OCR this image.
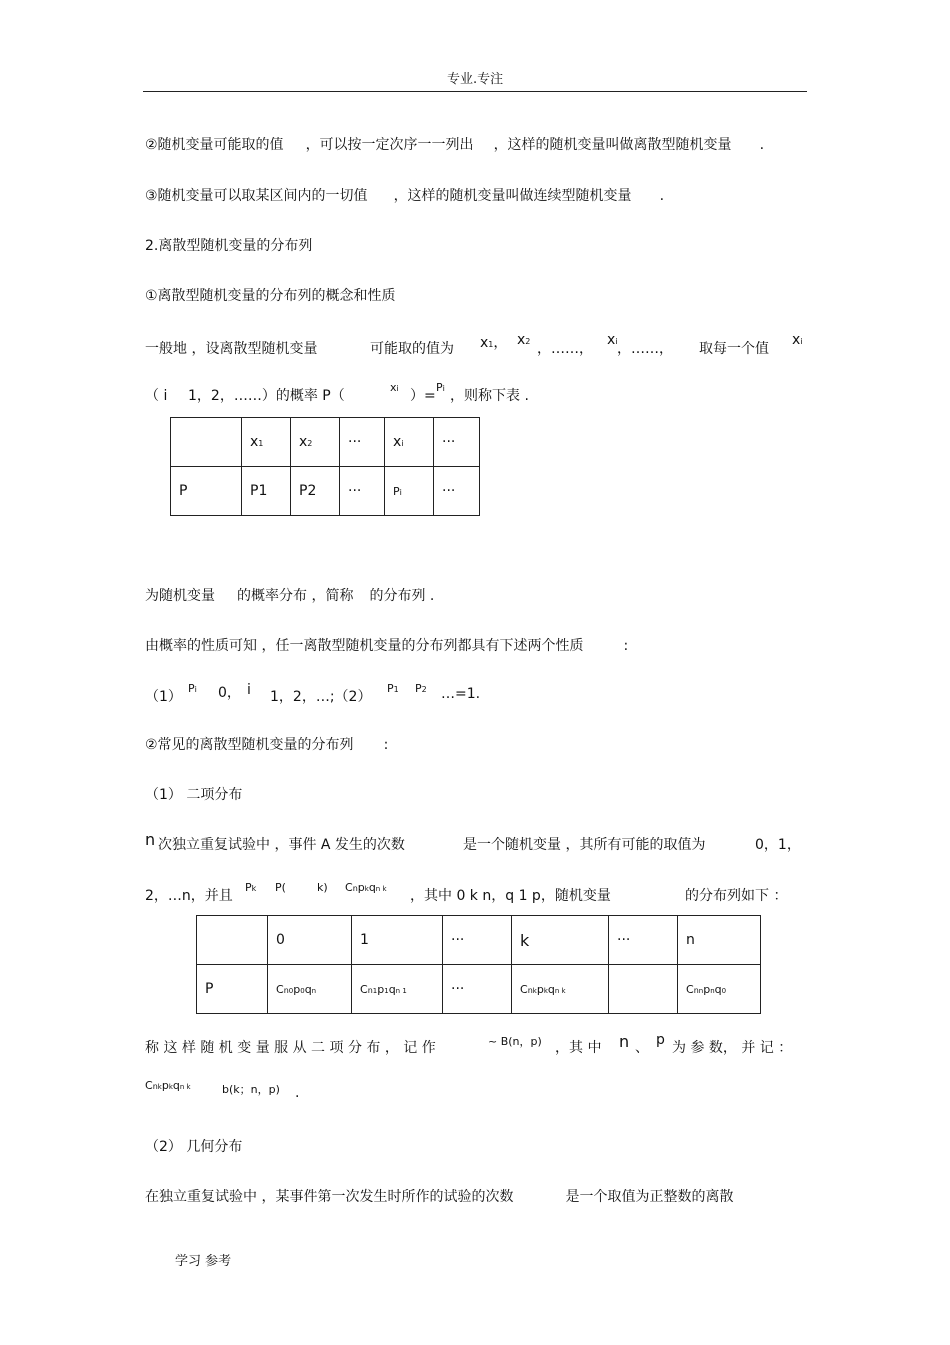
专业.专注
②随机变量可能取的值 ，可以按一定次序一一列出 ，这样的随机变量叫做离散型随机变量 .
③随机变量可以取某区间内的一切值 ，这样的随机变量叫做连续型随机变量 .
2.离散型随机变量的分布列
①离散型随机变量的分布列的概念和性质
一般地 ，设离散型随机变量	可能取的值为 x1， x2 ，……，
xi ，……， 取每一个值
xi
（ i 1，2，……）的概率 P（
xi ）=
Pi ，则称下表 .
	x1	x2	···	xi	···
P	P1	P2	···	Pi	···
为随机变量 的概率分布 ，简称 的分布列 .
由概率的性质可知 ，任一离散型随机变量的分布列都具有下述两个性质	:
（1）
Pi 0， i 1，2，…;（2）
P1 P2 …=1.
②常见的离散型随机变量的分布列 :
（1） 二项分布
n 次独立重复试验中 ，事件 A 发生的次数	是一个随机变量 ，其所有可能的取值为	0，1，
2，…n，并且
Pk P(	k) Cnpkqn k ，其中 0 k n，q 1 p，随机变量	的分布列如下 ：
	0	1	···	k	···	n
P	Cn0p0qn	Cn1p1qn 1	···	Cnkpkqn k		Cnnpnq0
称 这 样 随 机 变 量 服 从 二 项 分 布 ， 记 作	~ B(n，p) ，其 中 n 、 p 为 参 数， 并 记 ：
Cnkpkqn k	b(k；n，p) .
（2） 几何分布
在独立重复试验中 ，某事件第一次发生时所作的试验的次数	是一个取值为正整数的离散
学习 参考
